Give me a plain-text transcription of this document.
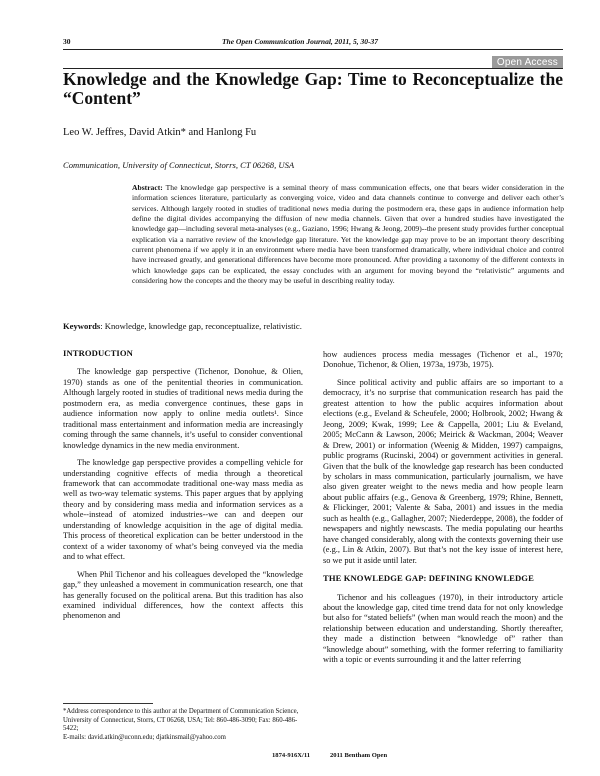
30	The Open Communication Journal, 2011, 5, 30-37
Open Access
Knowledge and the Knowledge Gap: Time to Reconceptualize the “Content”
Leo W. Jeffres, David Atkin* and Hanlong Fu
Communication, University of Connecticut, Storrs, CT 06268, USA
Abstract: The knowledge gap perspective is a seminal theory of mass communication effects, one that bears wider consideration in the information sciences literature, particularly as converging voice, video and data channels continue to converge and deliver each other’s services. Although largely rooted in studies of traditional news media during the postmodern era, these gaps in audience information help define the digital divides accompanying the diffusion of new media channels. Given that over a hundred studies have investigated the knowledge gap—including several meta-analyses (e.g., Gaziano, 1996; Hwang & Jeong, 2009)--the present study provides further conceptual explication via a narrative review of the knowledge gap literature. Yet the knowledge gap may prove to be an important theory describing current phenomena if we apply it in an environment where media have been transformed dramatically, where individual choice and control have increased greatly, and generational differences have become more pronounced. After providing a taxonomy of the different contexts in which knowledge gaps can be explicated, the essay concludes with an argument for moving beyond the “relativistic” arguments and considering how the concepts and the theory may be useful in describing reality today.
Keywords: Knowledge, knowledge gap, reconceptualize, relativistic.
INTRODUCTION

The knowledge gap perspective (Tichenor, Donohue, & Olien, 1970) stands as one of the penitential theories in communication. Although largely rooted in studies of traditional news media during the postmodern era, as media convergence continues, these gaps in audience information now apply to online media outlets¹. Since traditional mass entertainment and information media are increasingly coming through the same channels, it’s useful to consider conventional knowledge dynamics in the new media environment.

The knowledge gap perspective provides a compelling vehicle for understanding cognitive effects of media through a theoretical framework that can accommodate traditional one-way mass media as well as two-way telematic systems. This paper argues that by applying theory and by considering mass media and information services as a whole--instead of atomized industries--we can and deepen our understanding of knowledge acquisition in the age of digital media. This process of theoretical explication can be better understood in the context of a wider taxonomy of what’s being conveyed via the media and to what effect.

When Phil Tichenor and his colleagues developed the “knowledge gap,” they unleashed a movement in communication research, one that has generally focused on the political arena. But this tradition has also examined individual differences, how the context affects this phenomenon and

how audiences process media messages (Tichenor et al., 1970; Donohue, Tichenor, & Olien, 1973a, 1973b, 1975).

Since political activity and public affairs are so important to a democracy, it’s no surprise that communication research has paid the greatest attention to how the public acquires information about elections (e.g., Eveland & Scheufele, 2000; Holbrook, 2002; Hwang & Jeong, 2009; Kwak, 1999; Lee & Cappella, 2001; Liu & Eveland, 2005; McCann & Lawson, 2006; Meirick & Wackman, 2004; Weaver & Drew, 2001) or information (Weenig & Midden, 1997) campaigns, public programs (Rucinski, 2004) or government activities in general. Given that the bulk of the knowledge gap research has been conducted by scholars in mass communication, particularly journalism, we have also given greater weight to the news media and how people learn about public affairs (e.g., Genova & Greenberg, 1979; Rhine, Bennett, & Flickinger, 2001; Valente & Saba, 2001) and issues in the media such as health (e.g., Gallagher, 2007; Niederdeppe, 2008), the fodder of newspapers and nightly newscasts. The media populating our hearths have changed considerably, along with the contexts governing their use (e.g., Lin & Atkin, 2007). But that’s not the key issue of interest here, so we put it aside until later.

THE KNOWLEDGE GAP: DEFINING KNOWLEDGE

Tichenor and his colleagues (1970), in their introductory article about the knowledge gap, cited time trend data for not only knowledge but also for “stated beliefs” (when man would reach the moon) and the relationship between education and understanding. Shortly thereafter, they made a distinction between “knowledge of” rather than “knowledge about” something, with the former referring to familiarity with a topic or events surrounding it and the latter referring

*Address correspondence to this author at the Department of Communication Science, University of Connecticut, Storrs, CT 06268, USA; Tel: 860-486-3090; Fax: 860-486-5422;

E-mails: david.atkin@uconn.edu; djatkinsmail@yahoo.com

1874-916X/11	2011 Bentham Open
